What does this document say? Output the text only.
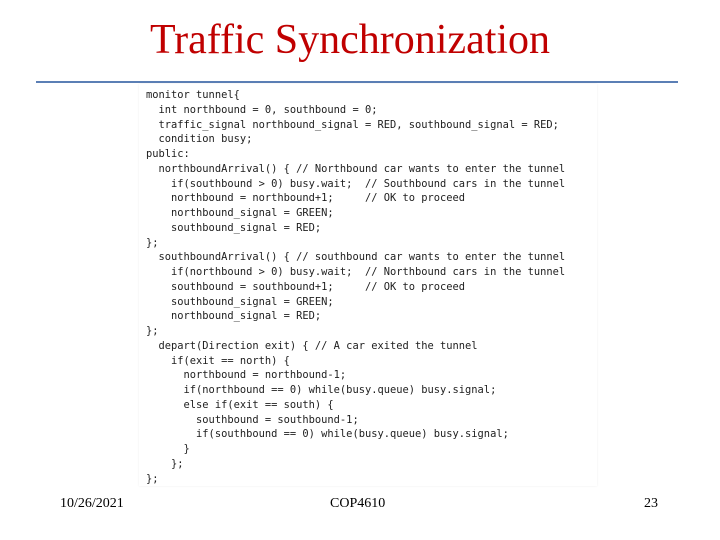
Traffic Synchronization
monitor tunnel{
int northbound = 0, southbound = 0;
traffic_signal northbound_signal = RED, southbound_signal = RED;
condition busy;
public:
northboundArrival() { // Northbound car wants to enter the tunnel
if(southbound > 0) busy.wait;  // Southbound cars in the tunnel
northbound = northbound+1;     // OK to proceed
northbound_signal = GREEN;
southbound_signal = RED;
};
southboundArrival() { // southbound car wants to enter the tunnel
if(northbound > 0) busy.wait;  // Northbound cars in the tunnel
southbound = southbound+1;     // OK to proceed
southbound_signal = GREEN;
northbound_signal = RED;
};
depart(Direction exit) { // A car exited the tunnel
if(exit == north) {
northbound = northbound-1;
if(northbound == 0) while(busy.queue) busy.signal;
else if(exit == south) {
southbound = southbound-1;
if(southbound == 0) while(busy.queue) busy.signal;
}
};
};
10/26/2021	COP4610	23
